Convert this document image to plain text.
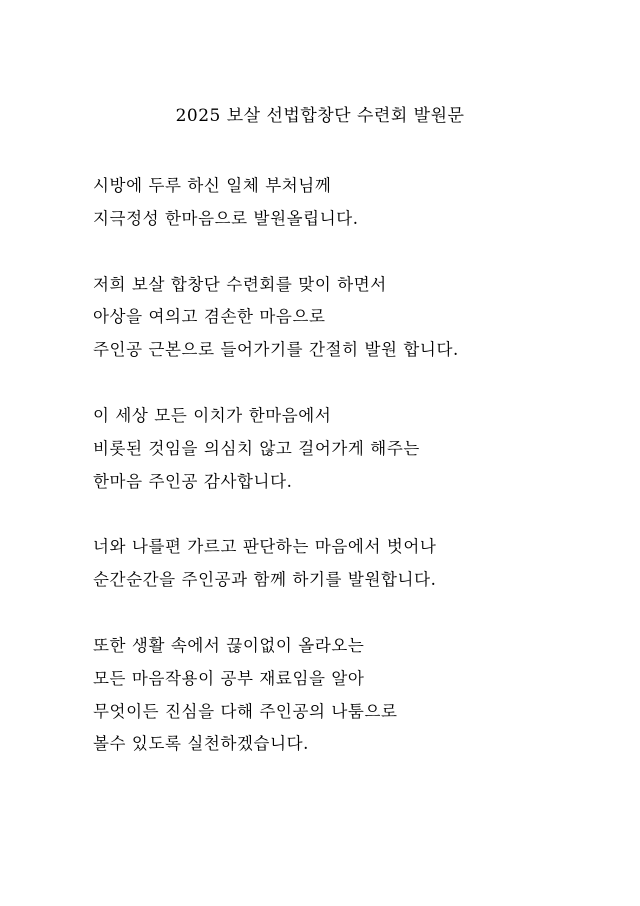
2025 보살 선법합창단 수련회 발원문
시방에 두루 하신 일체 부처님께
지극정성 한마음으로 발원올립니다.
저희 보살 합창단 수련회를 맞이 하면서
아상을 여의고 겸손한 마음으로
주인공 근본으로 들어가기를 간절히 발원 합니다.
이 세상 모든 이치가 한마음에서
비롯된 것임을 의심치 않고 걸어가게 해주는
한마음 주인공 감사합니다.
너와 나를편 가르고 판단하는 마음에서 벗어나
순간순간을 주인공과 함께 하기를 발원합니다.
또한 생활 속에서 끊이없이 올라오는
모든 마음작용이 공부 재료임을 알아
무엇이든 진심을 다해 주인공의 나툼으로
볼수 있도록 실천하겠습니다.
